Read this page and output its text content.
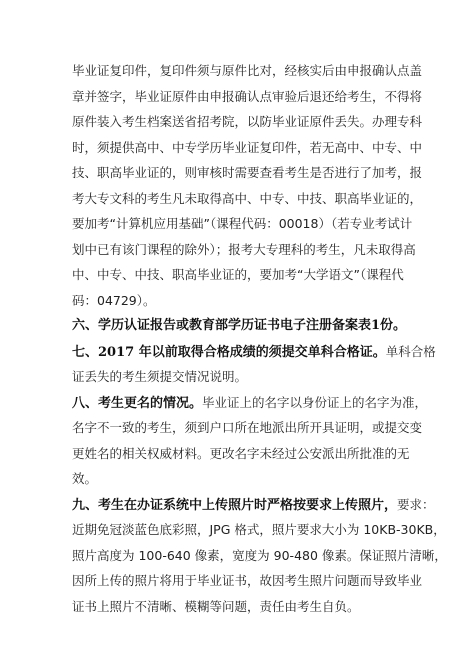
毕业证复印件，复印件须与原件比对，经核实后由申报确认点盖
章并签字，毕业证原件由申报确认点审验后退还给考生，不得将
原件装入考生档案送省招考院，以防毕业证原件丢失。办理专科
时，须提供高中、中专学历毕业证复印件，若无高中、中专、中
技、职高毕业证的，则审核时需要查看考生是否进行了加考，报
考大专文科的考生凡未取得高中、中专、中技、职高毕业证的，
要加考“计算机应用基础”（课程代码：00018）（若专业考试计
划中已有该门课程的除外）；报考大专理科的考生，凡未取得高
中、中专、中技、职高毕业证的，要加考“大学语文”（课程代
码：04729）。
六、学历认证报告或教育部学历证书电子注册备案表1份。
七、2017 年以前取得合格成绩的须提交单科合格证。单科合格
证丢失的考生须提交情况说明。
八、考生更名的情况。毕业证上的名字以身份证上的名字为准，
名字不一致的考生，须到户口所在地派出所开具证明，或提交变
更姓名的相关权威材料。更改名字未经过公安派出所批准的无
效。
九、考生在办证系统中上传照片时严格按要求上传照片，要求：
近期免冠淡蓝色底彩照，JPG 格式，照片要求大小为 10KB-30KB，
照片高度为 100-640 像素，宽度为 90-480 像素。保证照片清晰，
因所上传的照片将用于毕业证书，故因考生照片问题而导致毕业
证书上照片不清晰、模糊等问题，责任由考生自负。
